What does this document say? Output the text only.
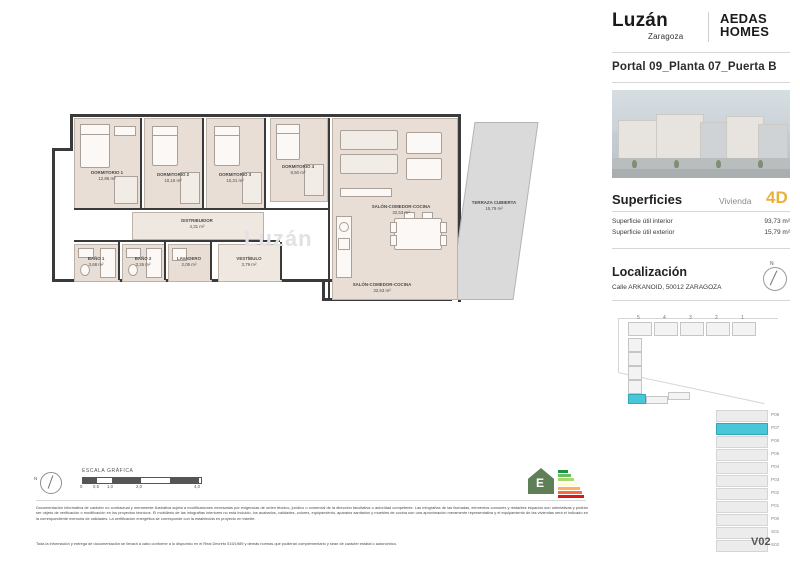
Luzán
Zaragoza
AEDAS
HOMES
Portal 09_Planta 07_Puerta B
Superficies	Vivienda 4D
Superficie útil interior	93,73 m²
Superficie útil exterior	15,79 m²
Localización
Calle ARKANOID, 50012 ZARAGOZA
N
5	4	3	2	1
P08
P07
P06
P05
P04
P03
P02
P01
P00
S01
S02
TERRAZA CUBIERTA
15,79 m²
DORMITORIO 1
12,86 m²
DORMITORIO 2
10,16 m²
DORMITORIO 3
10,31 m²
DORMITORIO 4
8,50 m²
DISTRIBUIDOR
4,31 m²
BAÑO 1
3,68 m²
BAÑO 2
3,26 m²
LAVADERO
2,05 m²
VESTÍBULO
3,79 m²
SALÓN-COMEDOR-COCINA
32,53 m²
SALÓN-COMEDOR-COCINA
32,53 m²
Luzán
N
ESCALA GRÁFICA
0 0,5 1,0	2,0	4,0	E
Documentación informativa de carácter no contractual y meramente ilustrativa sujeta a modificaciones necesarias por exigencias de orden técnico, jurídico o comercial de la dirección facultativa o autoridad competente. Las infografías de las fachadas, elementos comunes y restantes espacios son orientativas y podrán ser objeto de verificación o modificación en los proyectos técnicos. El mobiliario de las infografías interiores no está incluido, los acabados, calidades, colores, equipamiento, aparatos sanitarios y muebles de cocina son una aproximación meramente representativa y el equipamiento de las viviendas será el indicado en la correspondiente memoria de calidades. La certificación energética se corresponde con la establecida en proyecto en trámite.
Toda la información y entrega de documentación se llevará a cabo conforme a lo dispuesto en el Real Decreto 515/1989 y demás normas que pudieran complementarlo y sean de carácter estatal o autonómico.	V02
